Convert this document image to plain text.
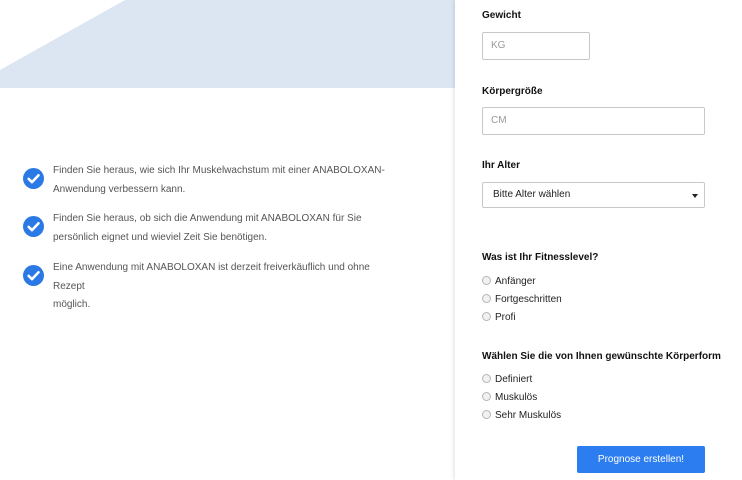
Finden Sie heraus, wie sich Ihr Muskelwachstum mit einer ANABOLOXAN-
Anwendung verbessern kann.
Finden Sie heraus, ob sich die Anwendung mit ANABOLOXAN für Sie
persönlich eignet und wieviel Zeit Sie benötigen.
Eine Anwendung mit ANABOLOXAN ist derzeit freiverkäuflich und ohne Rezept
möglich.
Gewicht
KG
Körpergröße
CM
Ihr Alter
Bitte Alter wählen
Was ist Ihr Fitnesslevel?
Anfänger
Fortgeschritten
Profi
Wählen Sie die von Ihnen gewünschte Körperform
Definiert
Muskulös
Sehr Muskulös
Prognose erstellen!
